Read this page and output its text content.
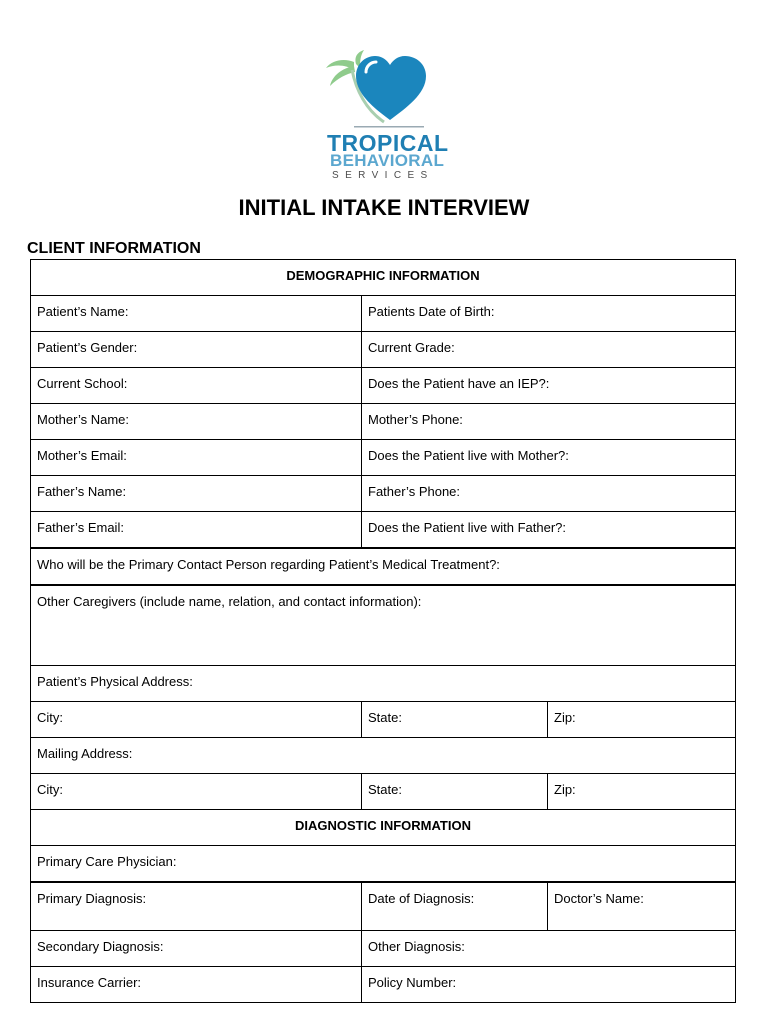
TROPICAL
BEHAVIORAL
SERVICES
INITIAL INTAKE INTERVIEW
CLIENT INFORMATION
DEMOGRAPHIC INFORMATION		

Patient’s Name:	Patients Date of Birth:	

Patient’s Gender:	Current Grade:	

Current School:	Does the Patient have an IEP?:	

Mother’s Name:	Mother’s Phone:	

Mother’s Email:	Does the Patient live with Mother?:	

Father’s Name:	Father’s Phone:	

Father’s Email:	Does the Patient live with Father?:	

Who will be the Primary Contact Person regarding Patient’s Medical Treatment?:		

Other Caregivers (include name, relation, and contact information):		

Patient’s Physical Address:		

City:	State:	Zip:

Mailing Address:		

City:	State:	Zip:

DIAGNOSTIC INFORMATION		

Primary Care Physician:		

Primary Diagnosis:	Date of Diagnosis:	Doctor’s Name:

Secondary Diagnosis:	Other Diagnosis:	

Insurance Carrier:	Policy Number:	
